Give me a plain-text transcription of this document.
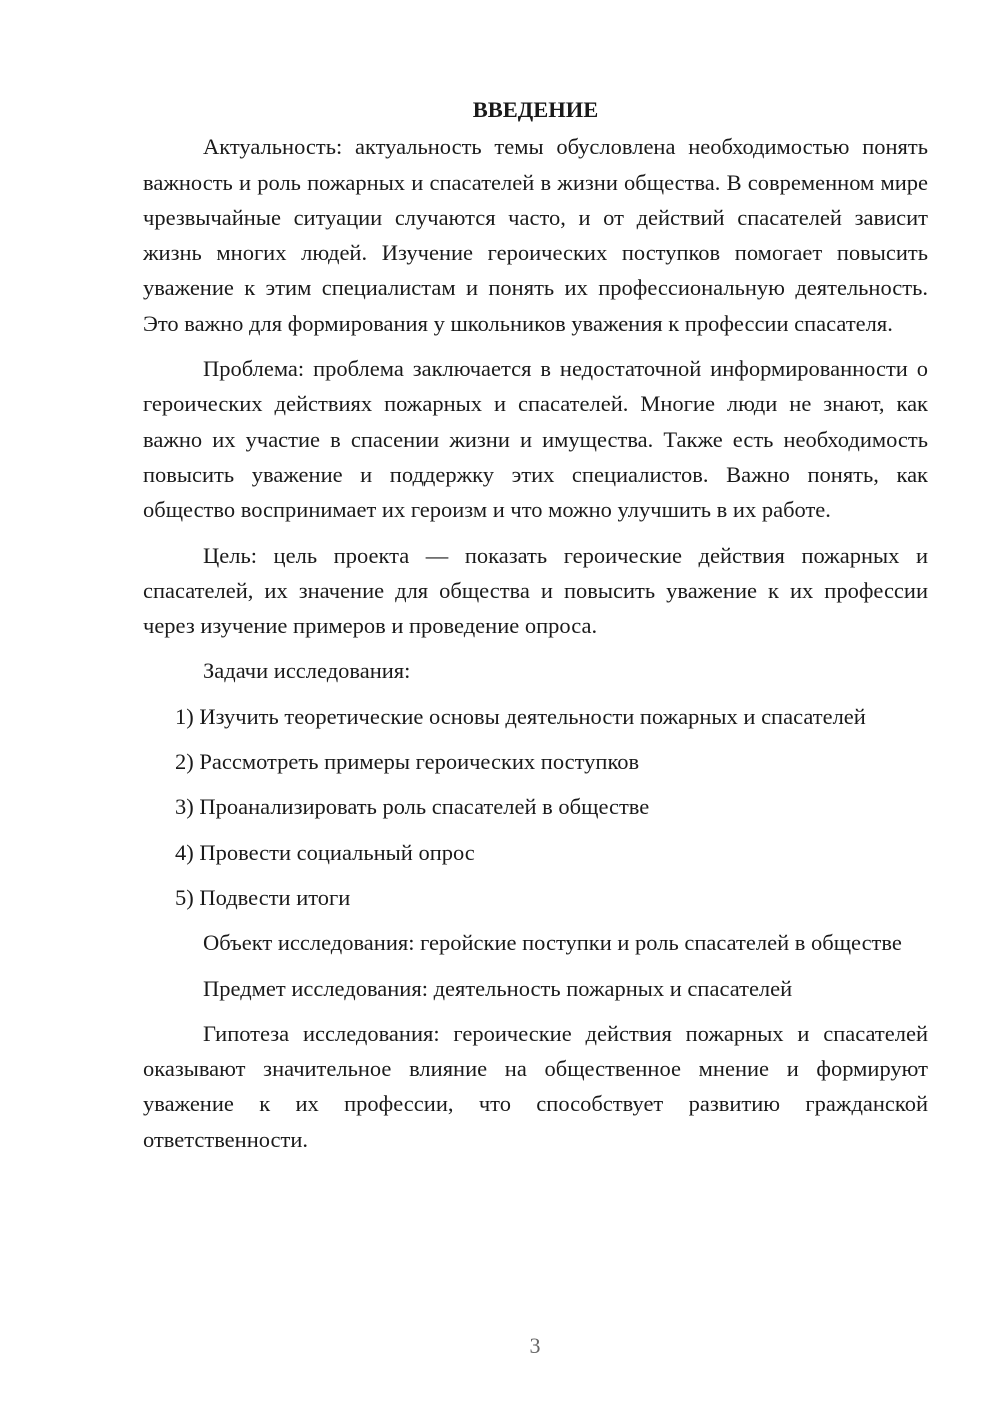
ВВЕДЕНИЕ

Актуальность: актуальность темы обусловлена необходимостью понять важность и роль пожарных и спасателей в жизни общества. В современном мире чрезвычайные ситуации случаются часто, и от действий спасателей зависит жизнь многих людей. Изучение героических поступков помогает повысить уважение к этим специалистам и понять их профессиональную деятельность. Это важно для формирования у школьников уважения к профессии спасателя.

Проблема: проблема заключается в недостаточной информированности о героических действиях пожарных и спасателей. Многие люди не знают, как важно их участие в спасении жизни и имущества. Также есть необходимость повысить уважение и поддержку этих специалистов. Важно понять, как общество воспринимает их героизм и что можно улучшить в их работе.

Цель: цель проекта — показать героические действия пожарных и спасателей, их значение для общества и повысить уважение к их профессии через изучение примеров и проведение опроса.

Задачи исследования:

1) Изучить теоретические основы деятельности пожарных и спасателей

2) Рассмотреть примеры героических поступков

3) Проанализировать роль спасателей в обществе

4) Провести социальный опрос

5) Подвести итоги

Объект исследования: геройские поступки и роль спасателей в обществе

Предмет исследования: деятельность пожарных и спасателей

Гипотеза исследования: героические действия пожарных и спасателей оказывают значительное влияние на общественное мнение и формируют уважение к их профессии, что способствует развитию гражданской ответственности.

3
